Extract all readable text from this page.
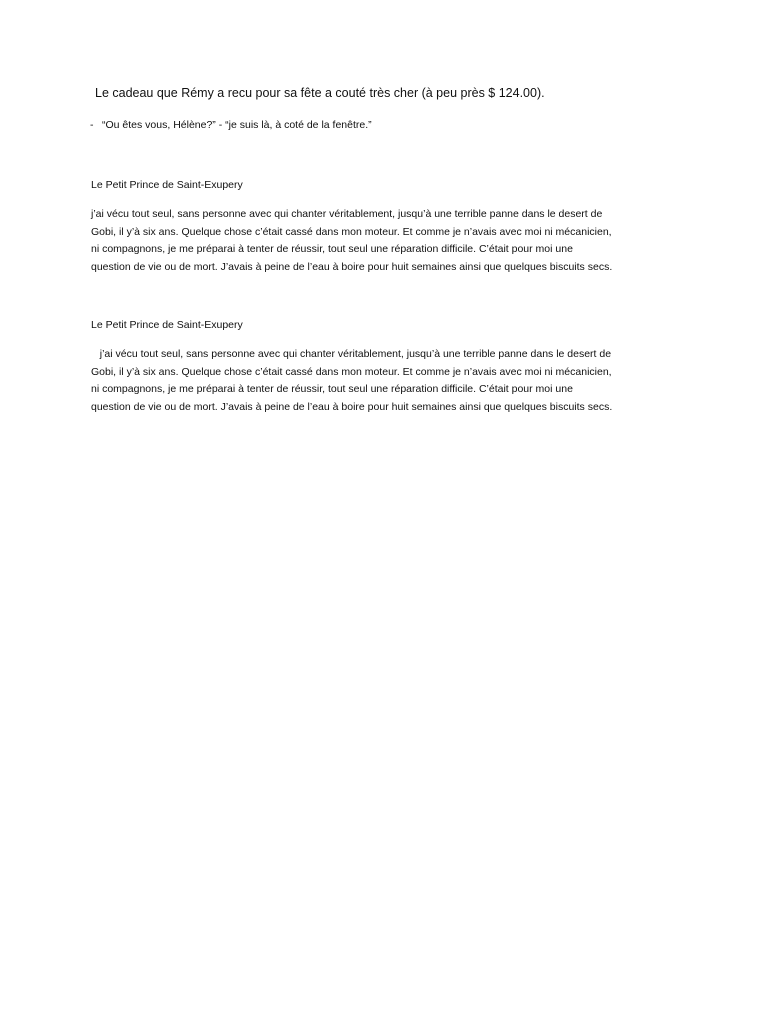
Le cadeau que Rémy a recu pour sa fête a couté très cher (à peu près $ 124.00).
- “Ou êtes vous, Hélène?” - “je suis là, à coté de la fenêtre.”
Le Petit Prince de Saint-Exupery
j’ai vécu tout seul, sans personne avec qui chanter véritablement, jusqu’à une terrible panne dans le desert de
Gobi, il y’à six ans. Quelque chose c’était cassé dans mon moteur. Et comme je n’avais avec moi ni mécanicien,
ni compagnons, je me préparai à tenter de réussir, tout seul une réparation difficile. C’était pour moi une
question de vie ou de mort. J’avais à peine de l’eau à boire pour huit semaines ainsi que quelques biscuits secs.
Le Petit Prince de Saint-Exupery
j’ai vécu tout seul, sans personne avec qui chanter véritablement, jusqu’à une terrible panne dans le desert de
Gobi, il y’à six ans. Quelque chose c’était cassé dans mon moteur. Et comme je n’avais avec moi ni mécanicien,
ni compagnons, je me préparai à tenter de réussir, tout seul une réparation difficile. C’était pour moi une
question de vie ou de mort. J’avais à peine de l’eau à boire pour huit semaines ainsi que quelques biscuits secs.
